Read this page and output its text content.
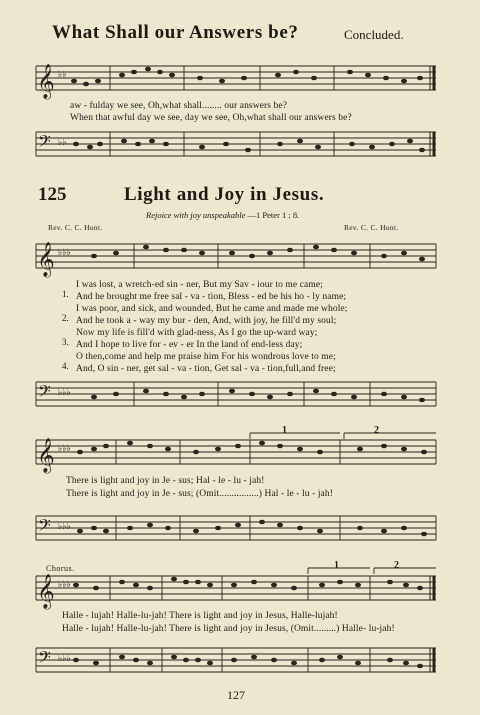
What Shall our Answers be?	Concluded.
𝄞 ♭♭
aw - fulday we see, Oh,what shall........ our answers be?
When that awful day we see, day we see, Oh,what shall our answers be?
𝄢 ♭♭
125	Light and Joy in Jesus.
Rejoice with joy unspeakable —1 Peter 1 : 8.
Rev. C. C. Hunt.	Rev. C. C. Hunt.
𝄞 ♭♭♭
1.
I was lost, a wretch-ed sin - ner, But my Sav - iour to me came;
And he brought me free sal - va - tion, Bless - ed be his ho - ly name;
2.
I was poor, and sick, and wounded, But he came and made me whole;
And he took a - way my bur - den, And, with joy, he fill'd my soul;
3.
Now my life is fill'd with glad-ness, As I go the up-ward way;
And I hope to live for - ev - er In the land of end-less day;
4.
O then,come and help me praise him For his wondrous love to me;
And, O sin - ner, get sal - va - tion, Get sal - va - tion,full,and free;
𝄢 ♭♭♭
1	2
𝄞 ♭♭♭
There is light and joy in Je - sus; Hal - le - lu - jah!
There is light and joy in Je - sus; (Omit................) Hal - le - lu - jah!
𝄢 ♭♭♭
Chorus.	1	2
𝄞 ♭♭♭
Halle - lujah! Halle-lu-jah! There is light and joy in Jesus, Halle-lujah!
Halle - lujah! Halle-lu-jah! There is light and joy in Jesus, (Omit.........) Halle- lu-jah!
𝄢 ♭♭♭
127
